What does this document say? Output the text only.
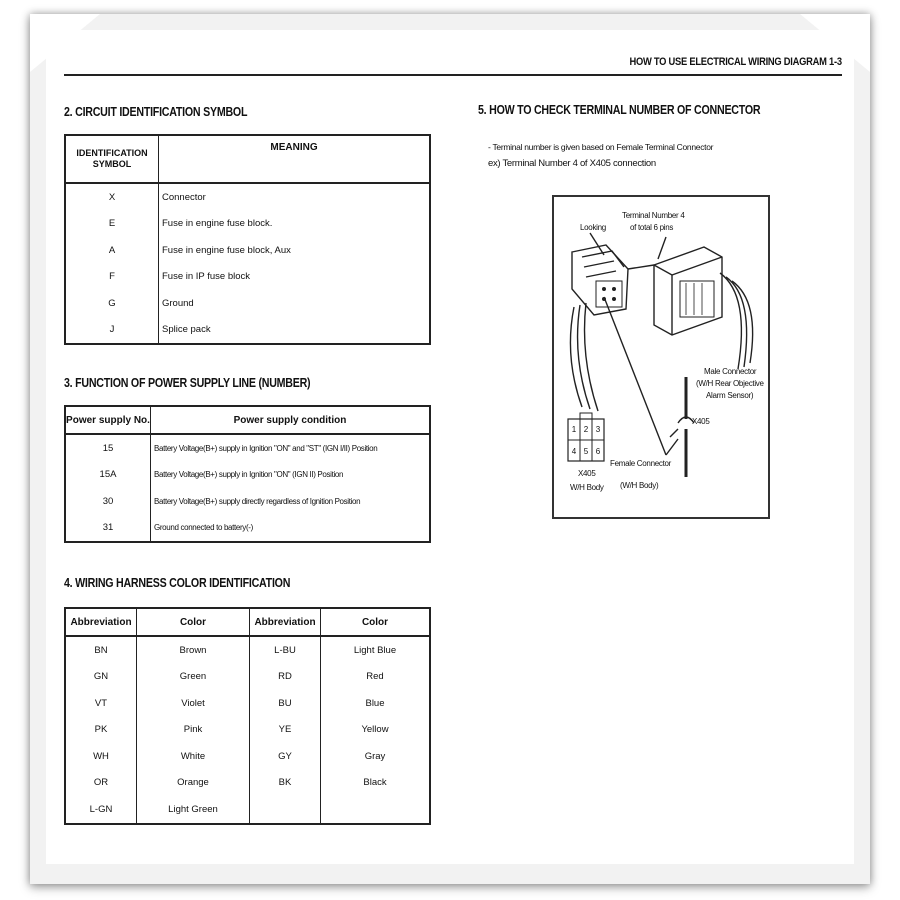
HOW TO USE ELECTRICAL WIRING DIAGRAM 1-3
2. CIRCUIT IDENTIFICATION SYMBOL
IDENTIFICATION SYMBOL	MEANING
X	Connector
E	Fuse in engine fuse block.
A	Fuse in engine fuse block, Aux
F	Fuse in IP fuse block
G	Ground
J	Splice pack
3. FUNCTION OF POWER SUPPLY LINE (NUMBER)
Power supply No.	Power supply condition
15	Battery Voltage(B+) supply in Ignition "ON" and "ST" (IGN I/II) Position
15A	Battery Voltage(B+) supply in Ignition "ON" (IGN II) Position
30	Battery Voltage(B+) supply directly regardless of Ignition Position
31	Ground connected to battery(-)
4. WIRING HARNESS COLOR IDENTIFICATION
Abbreviation	Color	Abbreviation	Color
BN	Brown	L-BU	Light Blue
GN	Green	RD	Red
VT	Violet	BU	Blue
PK	Pink	YE	Yellow
WH	White	GY	Gray
OR	Orange	BK	Black
L-GN	Light Green		
5. HOW TO CHECK TERMINAL NUMBER OF CONNECTOR
- Terminal number is given based on Female Terminal Connector
ex) Terminal Number 4 of X405 connection
1 2 3
4 5 6
Looking
Terminal Number 4
of total 6 pins
Male Connector
(W/H Rear Objective
Alarm Sensor)
X405
X405
W/H Body
Female Connector
(W/H Body)
